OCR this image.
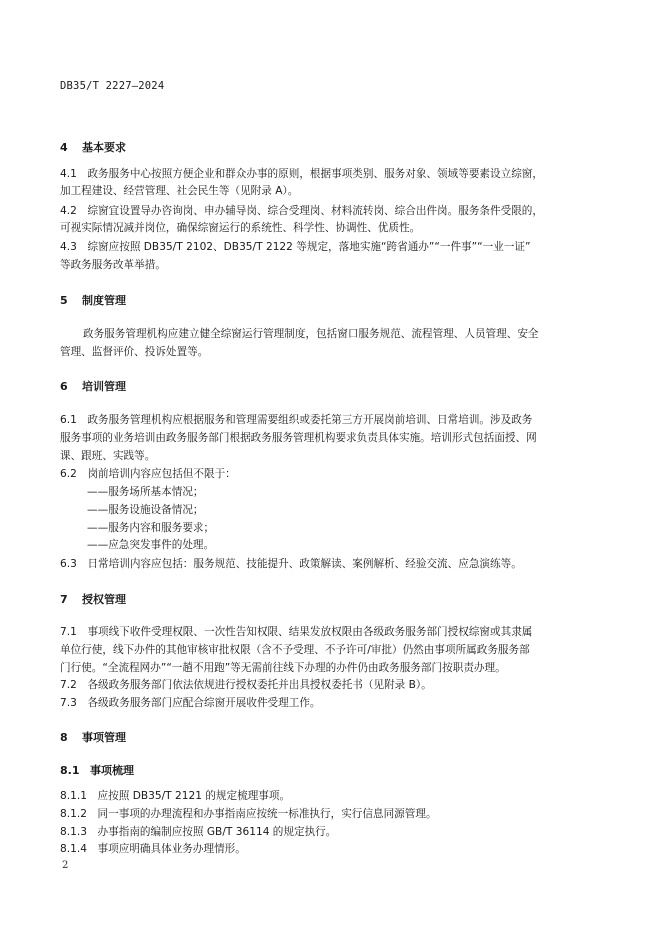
DB35/T 2227—2024
4 基本要求
4.1　政务服务中心按照方便企业和群众办事的原则，根据事项类别、服务对象、领域等要素设立综窗，
加工程建设、经营管理、社会民生等（见附录 A）。
4.2　综窗宜设置导办咨询岗、申办辅导岗、综合受理岗、材料流转岗、综合出件岗。服务条件受限的，
可视实际情况减并岗位，确保综窗运行的系统性、科学性、协调性、优质性。
4.3　综窗应按照 DB35/T 2102、DB35/T 2122 等规定，落地实施“跨省通办”“一件事”“一业一证”
等政务服务改革举措。
5 制度管理
政务服务管理机构应建立健全综窗运行管理制度，包括窗口服务规范、流程管理、人员管理、安全
管理、监督评价、投诉处置等。
6 培训管理
6.1　政务服务管理机构应根据服务和管理需要组织或委托第三方开展岗前培训、日常培训。涉及政务
服务事项的业务培训由政务服务部门根据政务服务管理机构要求负责具体实施。培训形式包括面授、网
课、跟班、实践等。
6.2　岗前培训内容应包括但不限于：
——服务场所基本情况；
——服务设施设备情况；
——服务内容和服务要求；
——应急突发事件的处理。
6.3　日常培训内容应包括：服务规范、技能提升、政策解读、案例解析、经验交流、应急演练等。
7 授权管理
7.1　事项线下收件受理权限、一次性告知权限、结果发放权限由各级政务服务部门授权综窗或其隶属
单位行使，线下办件的其他审核审批权限（含不予受理、不予许可/审批）仍然由事项所属政务服务部
门行使。“全流程网办”“一趟不用跑”等无需前往线下办理的办件仍由政务服务部门按职责办理。
7.2　各级政务服务部门依法依规进行授权委托并出具授权委托书（见附录 B）。
7.3　各级政务服务部门应配合综窗开展收件受理工作。
8 事项管理
8.1 事项梳理
8.1.1　应按照 DB35/T 2121 的规定梳理事项。
8.1.2　同一事项的办理流程和办事指南应按统一标准执行，实行信息同源管理。
8.1.3　办事指南的编制应按照 GB/T 36114 的规定执行。
8.1.4　事项应明确具体业务办理情形。
2
